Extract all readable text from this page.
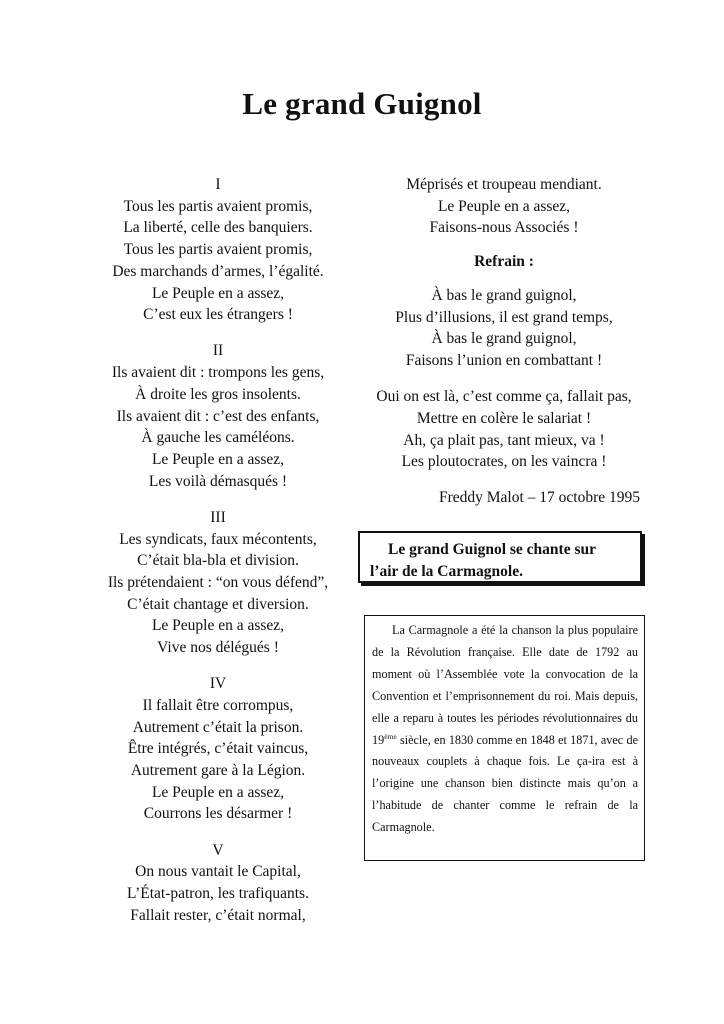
Le grand Guignol
I
Tous les partis avaient promis,
La liberté, celle des banquiers.
Tous les partis avaient promis,
Des marchands d’armes, l’égalité.
Le Peuple en a assez,
C’est eux les étrangers !
II
Ils avaient dit : trompons les gens,
À droite les gros insolents.
Ils avaient dit : c’est des enfants,
À gauche les caméléons.
Le Peuple en a assez,
Les voilà démasqués !
III
Les syndicats, faux mécontents,
C’était bla-bla et division.
Ils prétendaient : “on vous défend”,
C’était chantage et diversion.
Le Peuple en a assez,
Vive nos délégués !
IV
Il fallait être corrompus,
Autrement c’était la prison.
Être intégrés, c’était vaincus,
Autrement gare à la Légion.
Le Peuple en a assez,
Courrons les désarmer !
V
On nous vantait le Capital,
L’État-patron, les trafiquants.
Fallait rester, c’était normal,
Méprisés et troupeau mendiant.
Le Peuple en a assez,
Faisons-nous Associés !
Refrain :
À bas le grand guignol,
Plus d’illusions, il est grand temps,
À bas le grand guignol,
Faisons l’union en combattant !
Oui on est là, c’est comme ça, fallait pas,
Mettre en colère le salariat !
Ah, ça plait pas, tant mieux, va !
Les ploutocrates, on les vaincra !
Freddy Malot – 17 octobre 1995
Le grand Guignol se chante sur
l’air de la Carmagnole.

La Carmagnole a été la chanson la plus populaire de la Révolution française. Elle date de 1792 au moment où l’Assemblée vote la convocation de la Convention et l’emprisonnement du roi. Mais depuis, elle a reparu à toutes les périodes révolutionnaires du 19ème siècle, en 1830 comme en 1848 et 1871, avec de nouveaux couplets à chaque fois. Le ça-ira est à l’origine une chanson bien distincte mais qu’on a l’habitude de chanter comme le refrain de la Carmagnole.
